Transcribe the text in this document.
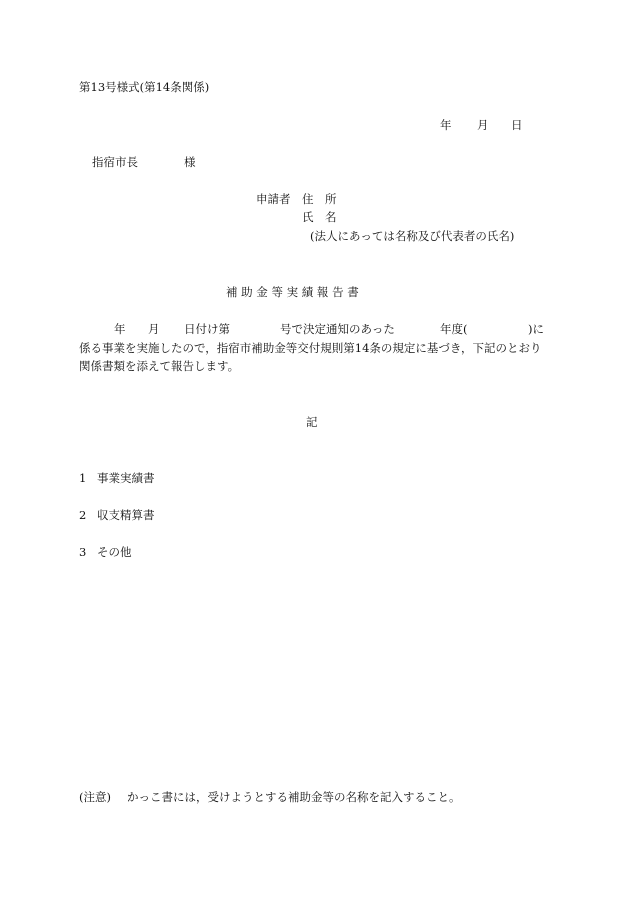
第13号様式(第14条関係)
年 月 日
指宿市長	様
申請者 住　所
氏　名
(法人にあっては名称及び代表者の氏名)
補 助 金 等 実 績 報 告 書
年 月 日付け第	号で決定通知のあった	年度(	)に
係る事業を実施したので，指宿市補助金等交付規則第14条の規定に基づき，下記のとおり
関係書類を添えて報告します。
記
1 事業実績書
2 収支精算書
3 その他
(注意) かっこ書には，受けようとする補助金等の名称を記入すること。
